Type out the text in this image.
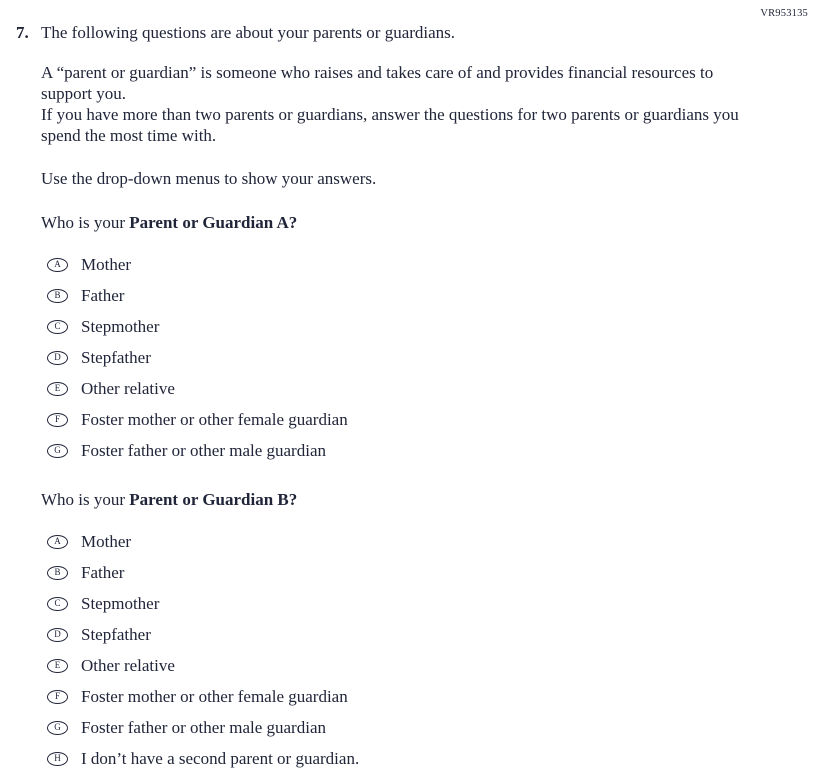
VR953135
7. The following questions are about your parents or guardians.
A “parent or guardian” is someone who raises and takes care of and provides financial resources to support you.
If you have more than two parents or guardians, answer the questions for two parents or guardians you spend the most time with.
Use the drop-down menus to show your answers.
Who is your Parent or Guardian A?
A	Mother
B	Father
C	Stepmother
D	Stepfather
E	Other relative
F	Foster mother or other female guardian
G	Foster father or other male guardian
Who is your Parent or Guardian B?
A	Mother
B	Father
C	Stepmother
D	Stepfather
E	Other relative
F	Foster mother or other female guardian
G	Foster father or other male guardian
H	I don’t have a second parent or guardian.
